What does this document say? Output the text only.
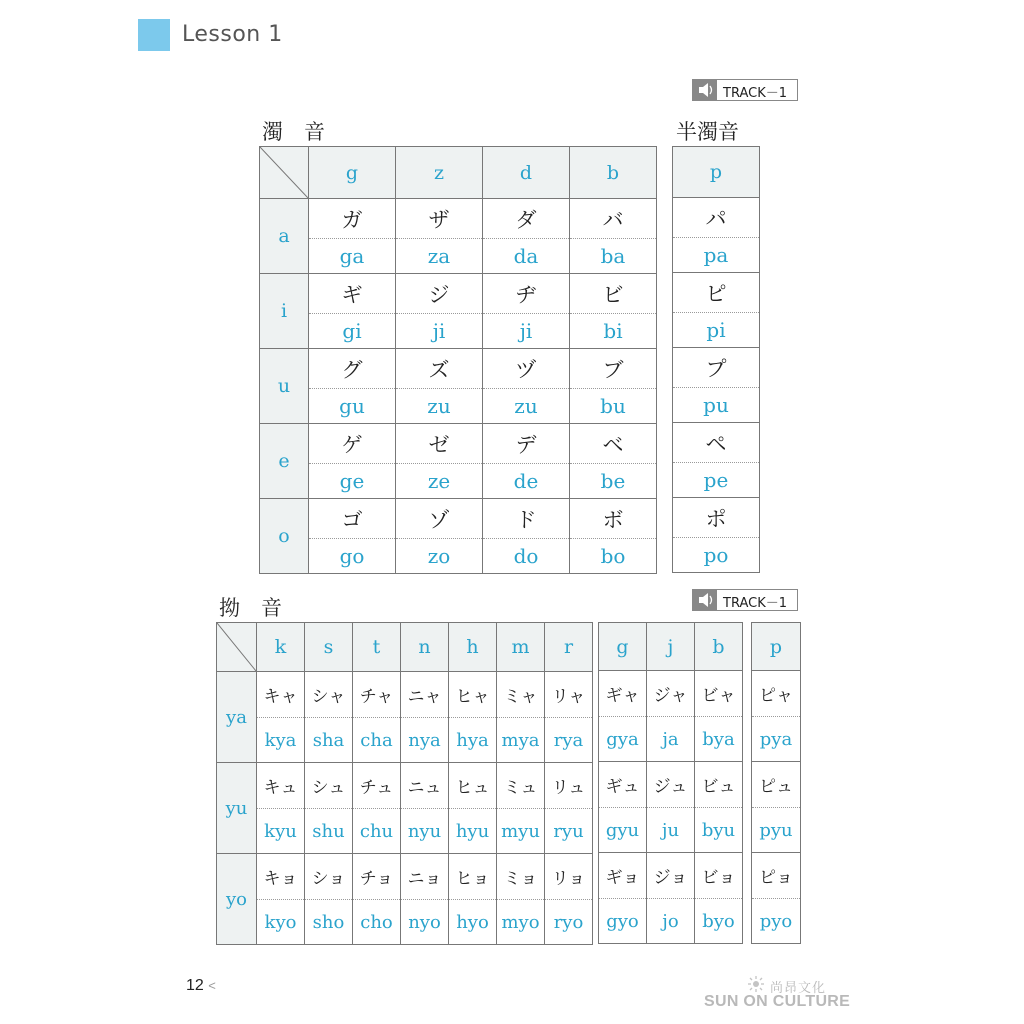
Lesson 1
TRACK－1
濁　音	半濁音
	g	z	d	b
a	ガ	ザ	ダ	バ
	ga	za	da	ba
i	ギ	ジ	ヂ	ビ
	gi	ji	ji	bi
u	グ	ズ	ヅ	ブ
	gu	zu	zu	bu
e	ゲ	ゼ	デ	ベ
	ge	ze	de	be
o	ゴ	ゾ	ド	ボ
	go	zo	do	bo
p
パ
pa
ピ
pi
プ
pu
ペ
pe
ポ
po
拗　音	TRACK－1
	k	s	t	n	h	m	r
ya	キャ	シャ	チャ	ニャ	ヒャ	ミャ	リャ
	kya	sha	cha	nya	hya	mya	rya
yu	キュ	シュ	チュ	ニュ	ヒュ	ミュ	リュ
	kyu	shu	chu	nyu	hyu	myu	ryu
yo	キョ	ショ	チョ	ニョ	ヒョ	ミョ	リョ
	kyo	sho	cho	nyo	hyo	myo	ryo
g	j	b
ギャ	ジャ	ビャ
gya	ja	bya
ギュ	ジュ	ビュ
gyu	ju	byu
ギョ	ジョ	ビョ
gyo	jo	byo
p
ピャ
pya
ピュ
pyu
ピョ
pyo
12 <	尚昂文化
SUN ON CULTURE
